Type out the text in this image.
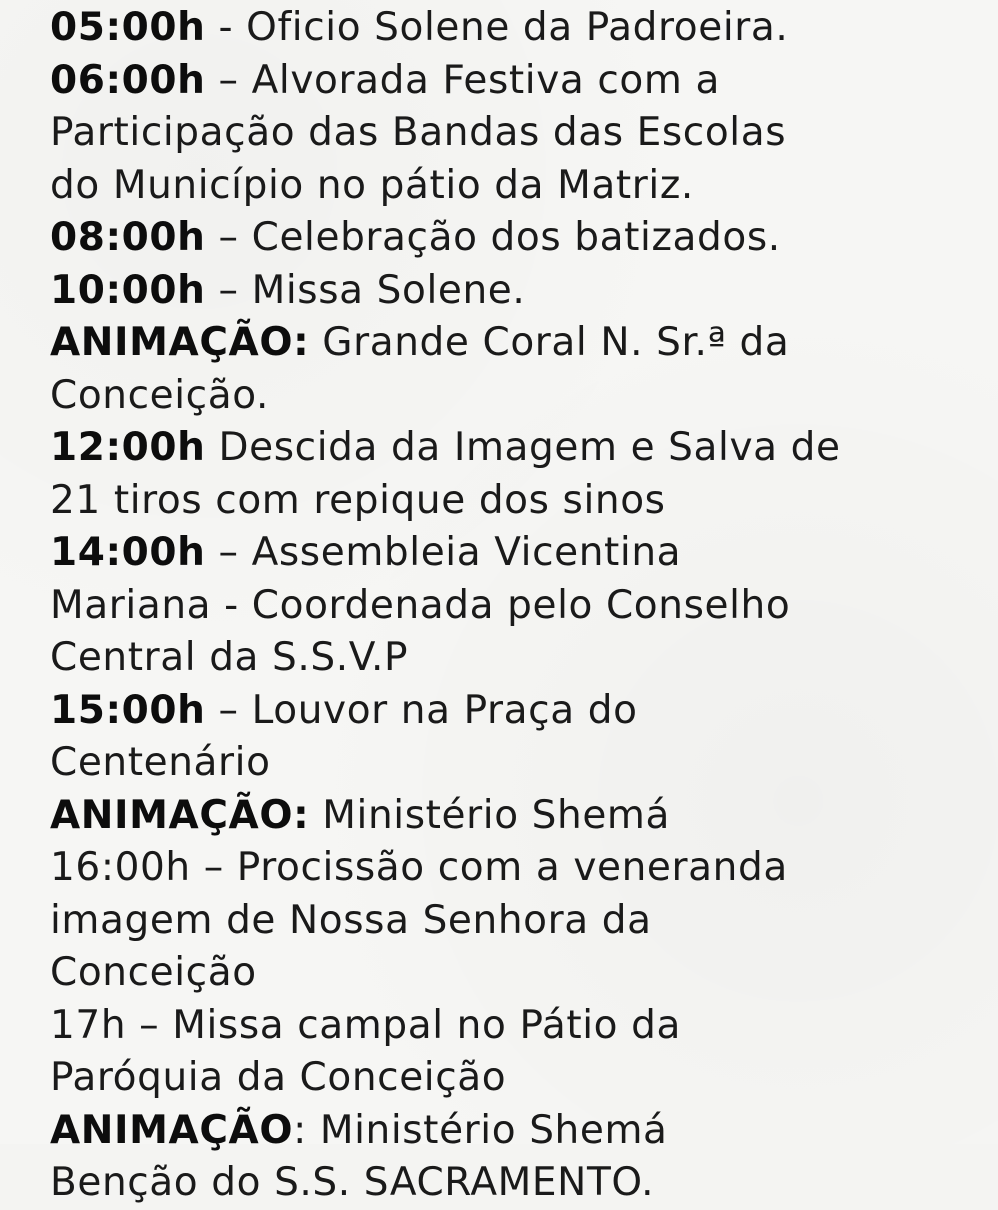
05:00h - Oficio Solene da Padroeira.
06:00h – Alvorada Festiva com a
Participação das Bandas das Escolas
do Município no pátio da Matriz.
08:00h – Celebração dos batizados.
10:00h – Missa Solene.
ANIMAÇÃO: Grande Coral N. Sr.ª da
Conceição.
12:00h Descida da Imagem e Salva de
21 tiros com repique dos sinos
14:00h – Assembleia Vicentina
Mariana - Coordenada pelo Conselho
Central da S.S.V.P
15:00h – Louvor na Praça do
Centenário
ANIMAÇÃO: Ministério Shemá
16:00h – Procissão com a veneranda
imagem de Nossa Senhora da
Conceição
17h – Missa campal no Pátio da
Paróquia da Conceição
ANIMAÇÃO: Ministério Shemá
Benção do S.S. SACRAMENTO.
